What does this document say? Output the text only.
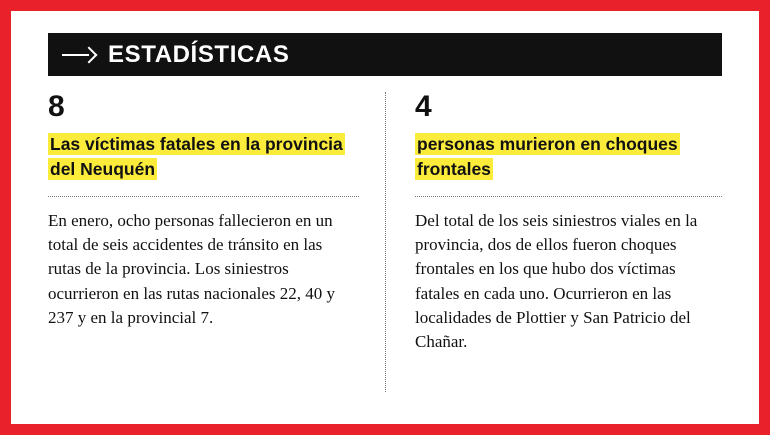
ESTADÍSTICAS
8
Las víctimas fatales en la provincia del Neuquén

En enero, ocho personas fallecieron en un total de seis accidentes de tránsito en las rutas de la provincia. Los siniestros ocurrieron en las rutas nacionales 22, 40 y 237 y en la provincial 7.

4
personas murieron en choques frontales

Del total de los seis siniestros viales en la provincia, dos de ellos fueron choques frontales en los que hubo dos víctimas fatales en cada uno. Ocurrieron en las localidades de Plottier y San Patricio del Chañar.
